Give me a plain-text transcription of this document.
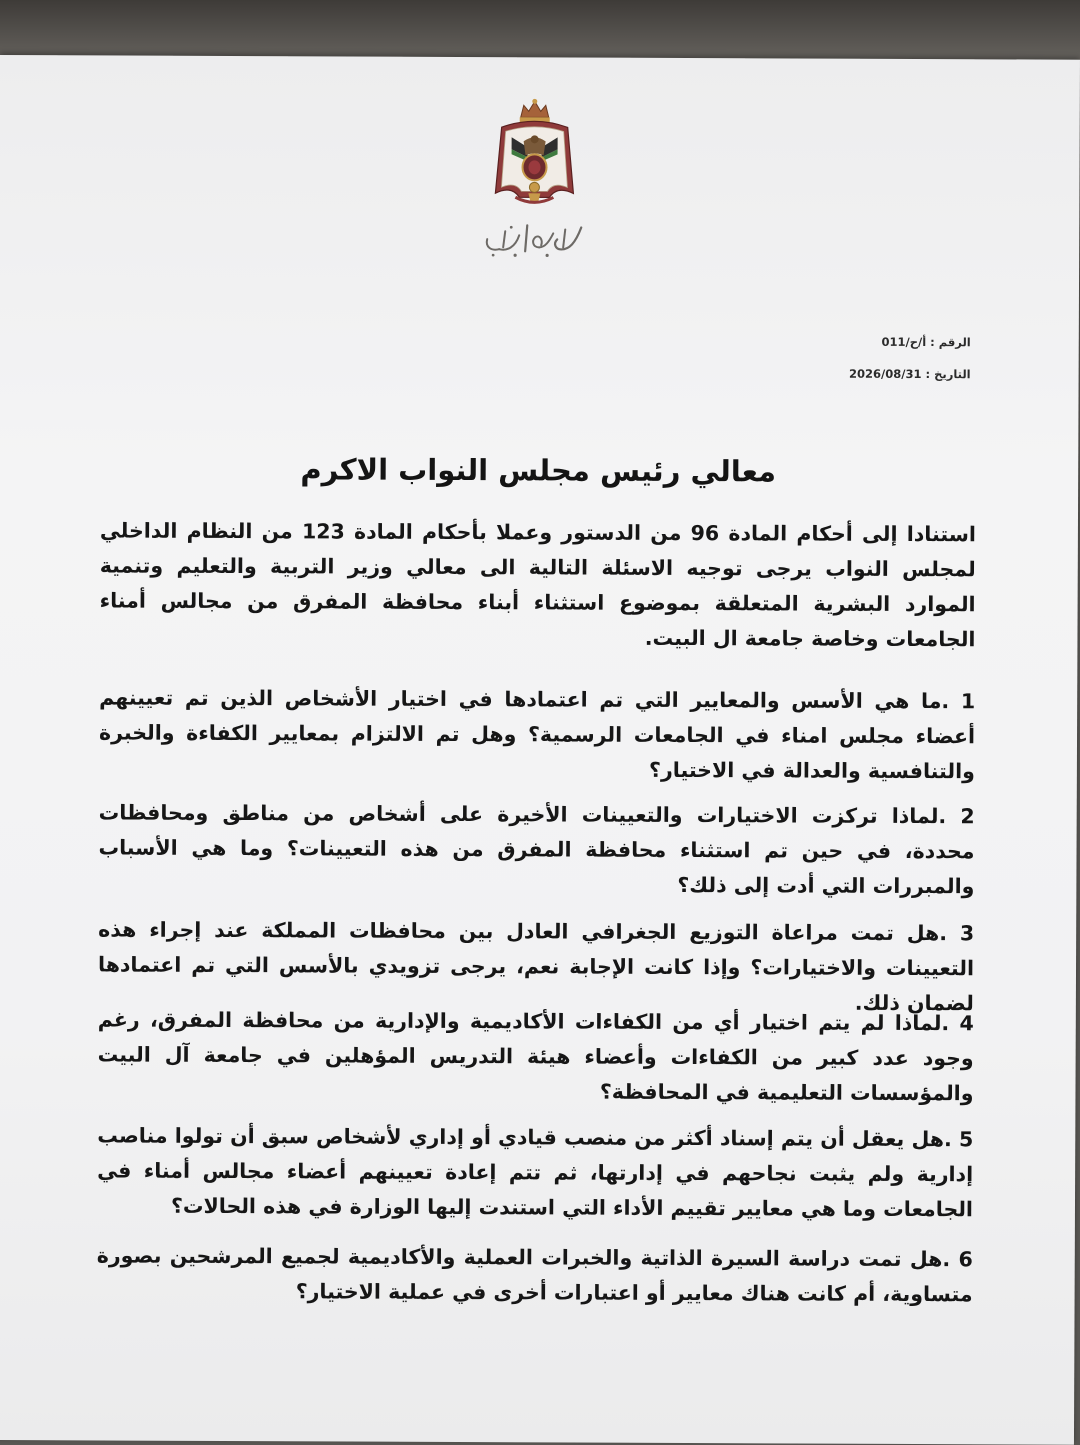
الرقم : أ/ح/011
التاريخ : 2026/08/31
معالي رئيس مجلس النواب الاكرم

استنادا إلى أحكام المادة 96 من الدستور وعملا بأحكام المادة 123 من النظام الداخلي لمجلس النواب يرجى توجيه الاسئلة التالية الى معالي وزير التربية والتعليم وتنمية الموارد البشرية المتعلقة بموضوع استثناء أبناء محافظة المفرق من مجالس أمناء الجامعات وخاصة جامعة ال البيت.

1 .ما هي الأسس والمعايير التي تم اعتمادها في اختيار الأشخاص الذين تم تعيينهم أعضاء مجلس امناء في الجامعات الرسمية؟ وهل تم الالتزام بمعايير الكفاءة والخبرة والتنافسية والعدالة في الاختيار؟

2 .لماذا تركزت الاختيارات والتعيينات الأخيرة على أشخاص من مناطق ومحافظات محددة، في حين تم استثناء محافظة المفرق من هذه التعيينات؟ وما هي الأسباب والمبررات التي أدت إلى ذلك؟

3 .هل تمت مراعاة التوزيع الجغرافي العادل بين محافظات المملكة عند إجراء هذه التعيينات والاختيارات؟ وإذا كانت الإجابة نعم، يرجى تزويدي بالأسس التي تم اعتمادها لضمان ذلك.

4 .لماذا لم يتم اختيار أي من الكفاءات الأكاديمية والإدارية من محافظة المفرق، رغم وجود عدد كبير من الكفاءات وأعضاء هيئة التدريس المؤهلين في جامعة آل البيت والمؤسسات التعليمية في المحافظة؟

5 .هل يعقل أن يتم إسناد أكثر من منصب قيادي أو إداري لأشخاص سبق أن تولوا مناصب إدارية ولم يثبت نجاحهم في إدارتها، ثم تتم إعادة تعيينهم أعضاء مجالس أمناء في الجامعات وما هي معايير تقييم الأداء التي استندت إليها الوزارة في هذه الحالات؟

6 .هل تمت دراسة السيرة الذاتية والخبرات العملية والأكاديمية لجميع المرشحين بصورة متساوية، أم كانت هناك معايير أو اعتبارات أخرى في عملية الاختيار؟
